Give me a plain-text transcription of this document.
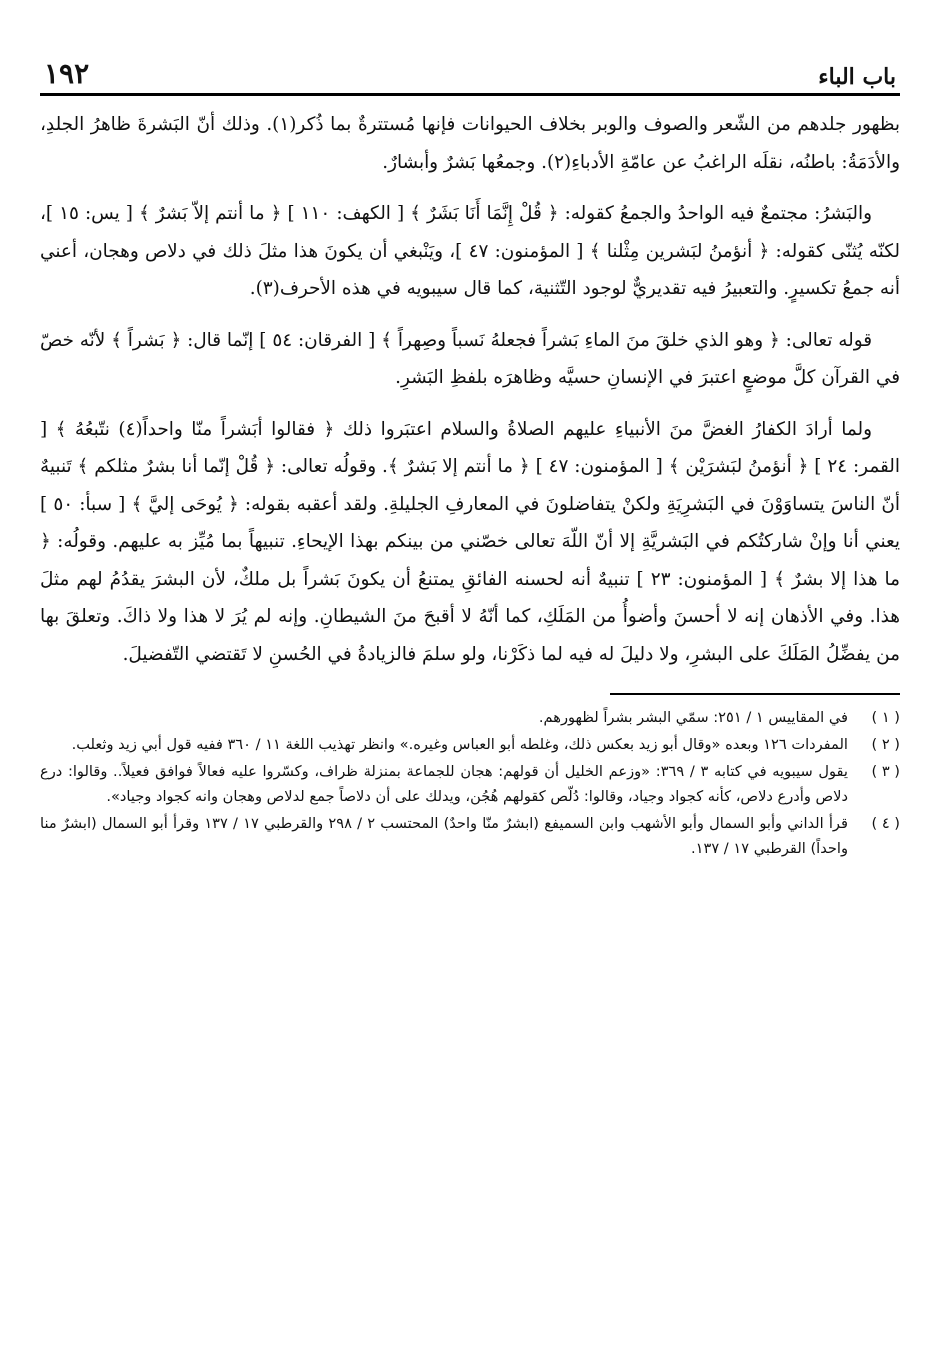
باب الباء
١٩٢

بظهور جلدهم من الشّعر والصوف والوبر بخلاف الحيوانات فإنها مُستترةٌ بما ذُكر(١). وذلك أنّ البَشرةَ ظاهرُ الجلدِ، والأدَمَةُ: باطنُه، نقلَه الراغبُ عن عامّةِ الأدباءِ(٢). وجمعُها بَشرٌ وأبشارٌ.

والبَشرُ: مجتمعٌ فيه الواحدُ والجمعُ كقوله: ﴿ قُلْ إِنَّمَا أَنَا بَشَرٌ ﴾ [ الكهف: ١١٠ ] ﴿ ما أنتم إلاّ بَشرٌ ﴾ [ يس: ١٥ ]، لكنّه يُثنّى كقوله: ﴿ أنؤمنُ لبَشرين مِثْلنا ﴾ [ المؤمنون: ٤٧ ]، ويَنْبغي أن يكونَ هذا مثلَ ذلك في دلاص وهجان، أعني أنه جمعُ تكسيرٍ. والتعبيرُ فيه تقديريٌّ لوجود التّثنية، كما قال سيبويه في هذه الأحرف(٣).

قوله تعالى: ﴿ وهو الذي خلقَ منَ الماءِ بَشراً فجعلهُ نَسباً وصِهراً ﴾ [ الفرقان: ٥٤ ] إنّما قال: ﴿ بَشراً ﴾ لأنّه خصّ في القرآن كلَّ موضعٍ اعتبرَ في الإنسانِ حسيَّه وظاهرَه بلفظِ البَشرِ.

ولما أرادَ الكفارُ الغضَّ منَ الأنبياءِ عليهم الصلاةُ والسلام اعتبَروا ذلك ﴿ فقالوا أبَشراً منّا واحداً(٤) نتّبعُهُ ﴾ [ القمر: ٢٤ ] ﴿ أنؤمنُ لبَشرَيْن ﴾ [ المؤمنون: ٤٧ ] ﴿ ما أنتم إلا بَشرٌ ﴾. وقولُه تعالى: ﴿ قُلْ إنّما أنا بشرٌ مثلكم ﴾ تَنبيهٌ أنّ الناسَ يتساوَوْنَ في البَشرِيَةِ ولكنْ يتفاضلونَ في المعارفِ الجليلةِ. ولقد أعقبه بقوله: ﴿ يُوحَى إليَّ ﴾ [ سبأ: ٥٠ ] يعني أنا وإنْ شاركتُكم في البَشريَّةِ إلا أنّ اللّهَ تعالى خصّني من بينكم بهذا الإيحاءِ. تنبيهاً بما مُيِّز به عليهم. وقولُه: ﴿ ما هذا إلا بشرٌ ﴾ [ المؤمنون: ٢٣ ] تنبيهٌ أنه لحسنه الفائقِ يمتنعُ أن يكونَ بَشراً بل ملكٌ، لأن البشرَ يقدُمُ لهم مثلَ هذا. وفي الأذهان إنه لا أحسنَ وأضوأُ من المَلَكِ، كما أنّهُ لا أقبحَ منَ الشيطانِ. وإنه لم يُرَ لا هذا ولا ذاكَ. وتعلقَ بها من يفضِّلُ المَلَكَ على البشرِ، ولا دليلَ له فيه لما ذكَرْنا، ولو سلمَ فالزيادةُ في الحُسنِ لا تَقتضي التّفضيلَ.

( ١ )
في المقاييس ١ / ٢٥١: سمّي البشر بشراً لظهورهم.
( ٢ )
المفردات ١٢٦ وبعده «وقال أبو زيد بعكس ذلك، وغلطه أبو العباس وغيره.» وانظر تهذيب اللغة ١١ / ٣٦٠ ففيه قول أبي زيد وثعلب.
( ٣ )
يقول سيبويه في كتابه ٣ / ٣٦٩: «وزعم الخليل أن قولهم: هجان للجماعة بمنزلة ظراف، وكسّروا عليه فعالاً فوافق فعيلاً.. وقالوا: درع دلاص وأدرع دلاص، كأنه كجواد وجياد، وقالوا: دُلّص كقولهم هُجُن، ويدلك على أن دلاصاً جمع لدلاص وهجان وانه كجواد وجياد».
( ٤ )
قرأ الداني وأبو السمال وأبو الأشهب وابن السميفع (ابشرٌ منّا واحدٌ) المحتسب ٢ / ٢٩٨ والقرطبي ١٧ / ١٣٧ وقرأ أبو السمال (ابشرٌ منا واحداً) القرطبي ١٧ / ١٣٧.
